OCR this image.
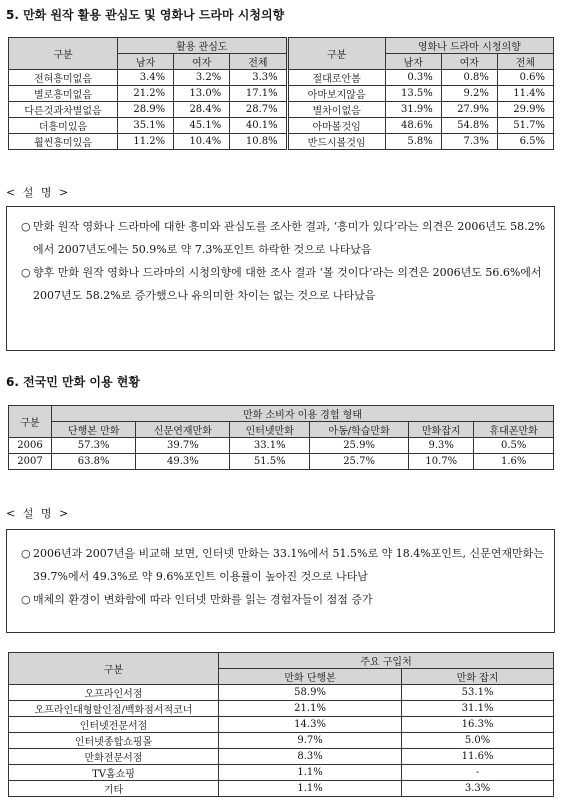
5. 만화 원작 활용 관심도 및 영화나 드라마 시청의향
구분	활용 관심도			구분	영화나 드라마 시청의향		
	남자	여자	전체		남자	여자	전체
전혀흥미없음	3.4%	3.2%	3.3%	절대로안봄	0.3%	0.8%	0.6%
별로흥미없음	21.2%	13.0%	17.1%	아마보지않음	13.5%	9.2%	11.4%
다른것과차별없음	28.9%	28.4%	28.7%	별차이없음	31.9%	27.9%	29.9%
더흥미있음	35.1%	45.1%	40.1%	아마볼것임	48.6%	54.8%	51.7%
훨씬흥미있음	11.2%	10.4%	10.8%	반드시볼것임	5.8%	7.3%	6.5%
< 설 명 >

○ 만화 원작 영화나 드라마에 대한 흥미와 관심도를 조사한 결과, ‘흥미가 있다’라는 의견은 2006년도 58.2%에서 2007년도에는 50.9%로 약 7.3%포인트 하락한 것으로 나타났음

○ 향후 만화 원작 영화나 드라마의 시청의향에 대한 조사 결과 ‘볼 것이다’라는 의견은 2006년도 56.6%에서 2007년도 58.2%로 증가했으나 유의미한 차이는 없는 것으로 나타났음

6. 전국민 만화 이용 현황
구분	만화 소비자 이용 경험 형태					
	단행본 만화	신문연재만화	인터넷만화	아동/학습만화	만화잡지	휴대폰만화
2006	57.3%	39.7%	33.1%	25.9%	9.3%	0.5%
2007	63.8%	49.3%	51.5%	25.7%	10.7%	1.6%
< 설 명 >

○ 2006년과 2007년을 비교해 보면, 인터넷 만화는 33.1%에서 51.5%로 약 18.4%포인트, 신문연재만화는 39.7%에서 49.3%로 약 9.6%포인트 이용률이 높아진 것으로 나타남

○ 매체의 환경이 변화함에 따라 인터넷 만화를 읽는 경험자들이 점점 증가

구분	주요 구입처	
	만화 단행본	만화 잡지
오프라인서점	58.9%	53.1%
오프라인대형할인점/백화점서적코너	21.1%	31.1%
인터넷전문서점	14.3%	16.3%
인터넷종합쇼핑몰	9.7%	5.0%
만화전문서점	8.3%	11.6%
TV홈쇼핑	1.1%	-
기타	1.1%	3.3%
